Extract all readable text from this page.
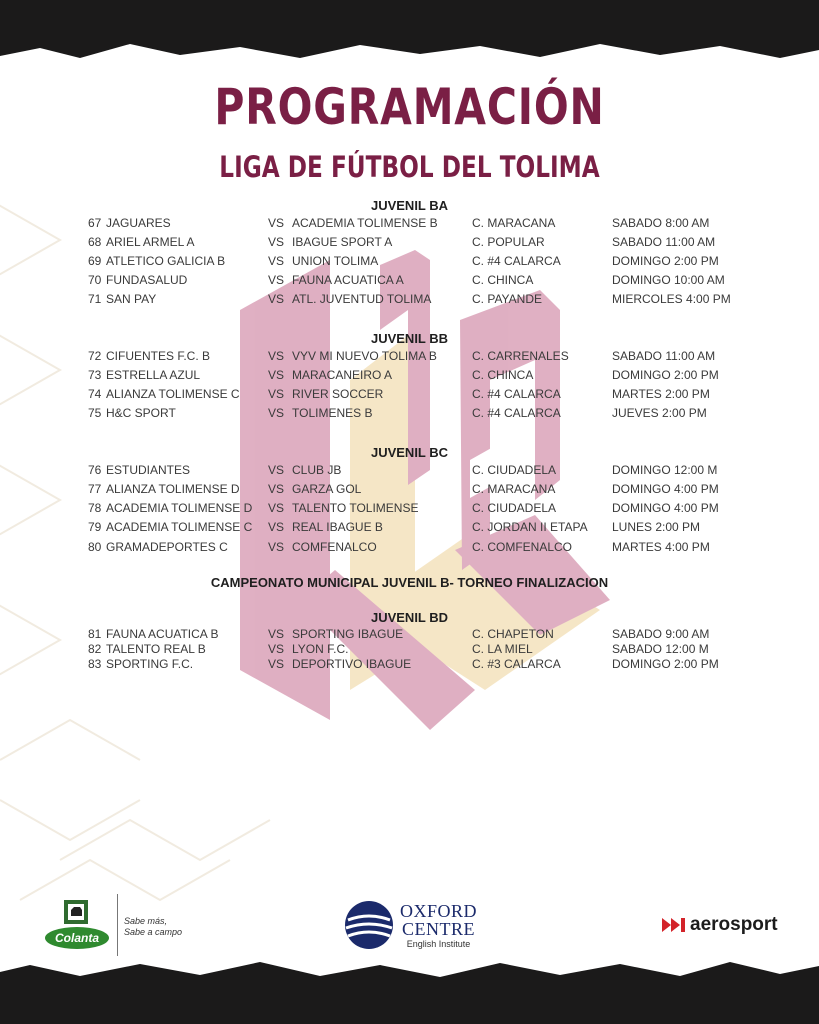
PROGRAMACIÓN
LIGA DE FÚTBOL DEL TOLIMA
JUVENIL BA
67 JAGUARES	VS ACADEMIA TOLIMENSE B	C. MARACANA	SABADO 8:00 AM
68 ARIEL ARMEL A	VS IBAGUE SPORT A	C. POPULAR	SABADO 11:00 AM
69 ATLETICO GALICIA B	VS UNION TOLIMA	C. #4 CALARCA	DOMINGO 2:00 PM
70 FUNDASALUD	VS FAUNA ACUATICA A	C. CHINCA	DOMINGO 10:00 AM
71 SAN PAY	VS ATL. JUVENTUD TOLIMA	C. PAYANDE	MIERCOLES 4:00 PM
JUVENIL BB
72 CIFUENTES F.C. B	VS VYV MI NUEVO TOLIMA B	C. CARRENALES	SABADO 11:00 AM
73 ESTRELLA AZUL	VS MARACANEIRO A	C. CHINCA	DOMINGO 2:00 PM
74 ALIANZA TOLIMENSE C VS RIVER SOCCER	C. #4 CALARCA	MARTES 2:00 PM
75 H&C SPORT	VS TOLIMENES B	C. #4 CALARCA	JUEVES 2:00 PM
JUVENIL BC
76 ESTUDIANTES	VS CLUB JB	C. CIUDADELA	DOMINGO 12:00 M
77 ALIANZA TOLIMENSE D VS GARZA GOL	C. MARACANA	DOMINGO 4:00 PM
78 ACADEMIA TOLIMENSE D VS TALENTO TOLIMENSE	C. CIUDADELA	DOMINGO 4:00 PM
79 ACADEMIA TOLIMENSE C VS REAL IBAGUE B	C. JORDAN II ETAPA LUNES 2:00 PM
80 GRAMADEPORTES C	VS COMFENALCO	C. COMFENALCO	MARTES 4:00 PM
CAMPEONATO MUNICIPAL JUVENIL B- TORNEO FINALIZACION
JUVENIL BD
81 FAUNA ACUATICA B	VS SPORTING IBAGUE	C. CHAPETON	SABADO 9:00 AM
82 TALENTO REAL B	VS LYON F.C.	C. LA MIEL	SABADO 12:00 M
83 SPORTING F.C.	VS DEPORTIVO IBAGUE	C. #3 CALARCA	DOMINGO 2:00 PM
Colanta
Sabe más,
Sabe a campo
OXFORD
CENTRE
English Institute
aerosport
